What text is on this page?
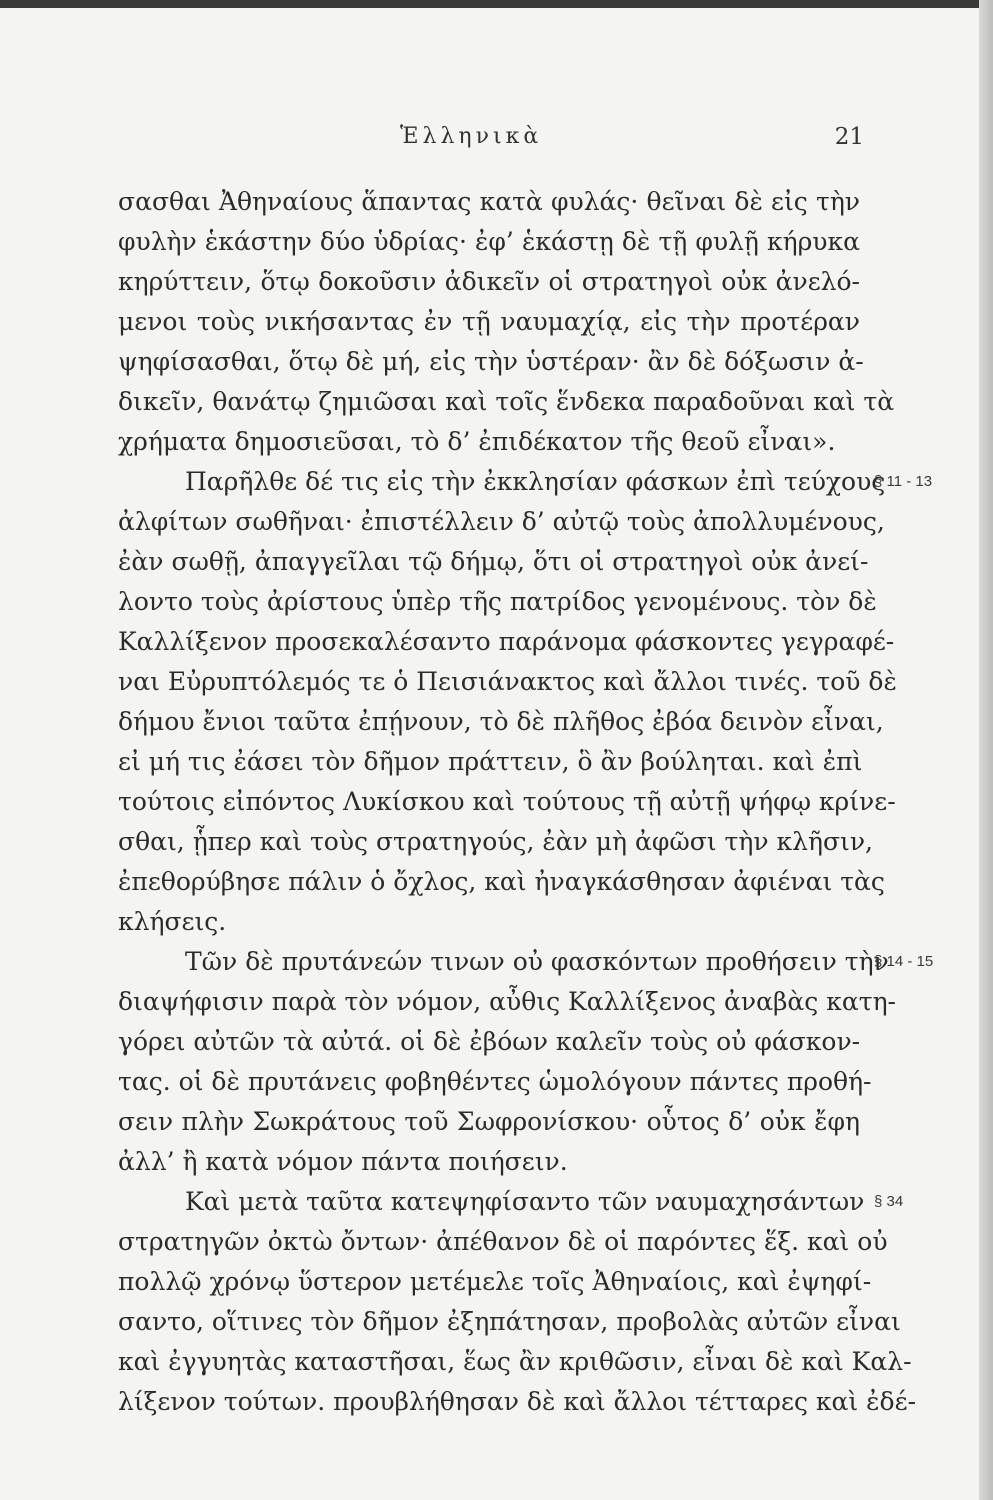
Ἑλληνικὰ	21
σασθαι Ἀθηναίους ἅπαντας κατὰ φυλάς· θεῖναι δὲ εἰς τὴν
φυλὴν ἑκάστην δύο ὑδρίας· ἐφ’ ἑκάστῃ δὲ τῇ φυλῇ κήρυκα
κηρύττειν, ὅτῳ δοκοῦσιν ἀδικεῖν οἱ στρατηγοὶ οὐκ ἀνελό-
μενοι τοὺς νικήσαντας ἐν τῇ ναυμαχίᾳ, εἰς τὴν προτέραν
ψηφίσασθαι, ὅτῳ δὲ μή, εἰς τὴν ὑστέραν· ἂν δὲ δόξωσιν ἀ-
δικεῖν, θανάτῳ ζημιῶσαι καὶ τοῖς ἕνδεκα παραδοῦναι καὶ τὰ
χρήματα δημοσιεῦσαι, τὸ δ’ ἐπιδέκατον τῆς θεοῦ εἶναι».
Παρῆλθε δέ τις εἰς τὴν ἐκκλησίαν φάσκων ἐπὶ τεύχους
§ 11 - 13
ἀλφίτων σωθῆναι· ἐπιστέλλειν δ’ αὐτῷ τοὺς ἀπολλυμένους,
ἐὰν σωθῇ, ἀπαγγεῖλαι τῷ δήμῳ, ὅτι οἱ στρατηγοὶ οὐκ ἀνεί-
λοντο τοὺς ἀρίστους ὑπὲρ τῆς πατρίδος γενομένους. τὸν δὲ
Καλλίξενον προσεκαλέσαντο παράνομα φάσκοντες γεγραφέ-
ναι Εὐρυπτόλεμός τε ὁ Πεισιάνακτος καὶ ἄλλοι τινές. τοῦ δὲ
δήμου ἔνιοι ταῦτα ἐπῄνουν, τὸ δὲ πλῆθος ἐβόα δεινὸν εἶναι,
εἰ μή τις ἐάσει τὸν δῆμον πράττειν, ὃ ἂν βούληται. καὶ ἐπὶ
τούτοις εἰπόντος Λυκίσκου καὶ τούτους τῇ αὐτῇ ψήφῳ κρίνε-
σθαι, ᾗπερ καὶ τοὺς στρατηγούς, ἐὰν μὴ ἀφῶσι τὴν κλῆσιν,
ἐπεθορύβησε πάλιν ὁ ὄχλος, καὶ ἠναγκάσθησαν ἀφιέναι τὰς
κλήσεις.
Τῶν δὲ πρυτάνεών τινων οὐ φασκόντων προθήσειν τὴν
§ 14 - 15
διαψήφισιν παρὰ τὸν νόμον, αὖθις Καλλίξενος ἀναβὰς κατη-
γόρει αὐτῶν τὰ αὐτά. οἱ δὲ ἐβόων καλεῖν τοὺς οὐ φάσκον-
τας. οἱ δὲ πρυτάνεις φοβηθέντες ὡμολόγουν πάντες προθή-
σειν πλὴν Σωκράτους τοῦ Σωφρονίσκου· οὗτος δ’ οὐκ ἔφη
ἀλλ’ ἢ κατὰ νόμον πάντα ποιήσειν.
Καὶ μετὰ ταῦτα κατεψηφίσαντο τῶν ναυμαχησάντων § 34
στρατηγῶν ὀκτὼ ὄντων· ἀπέθανον δὲ οἱ παρόντες ἕξ. καὶ οὐ
πολλῷ χρόνῳ ὕστερον μετέμελε τοῖς Ἀθηναίοις, καὶ ἐψηφί-
σαντο, οἵτινες τὸν δῆμον ἐξηπάτησαν, προβολὰς αὐτῶν εἶναι
καὶ ἐγγυητὰς καταστῆσαι, ἕως ἂν κριθῶσιν, εἶναι δὲ καὶ Καλ-
λίξενον τούτων. προυβλήθησαν δὲ καὶ ἄλλοι τέτταρες καὶ ἐδέ-
